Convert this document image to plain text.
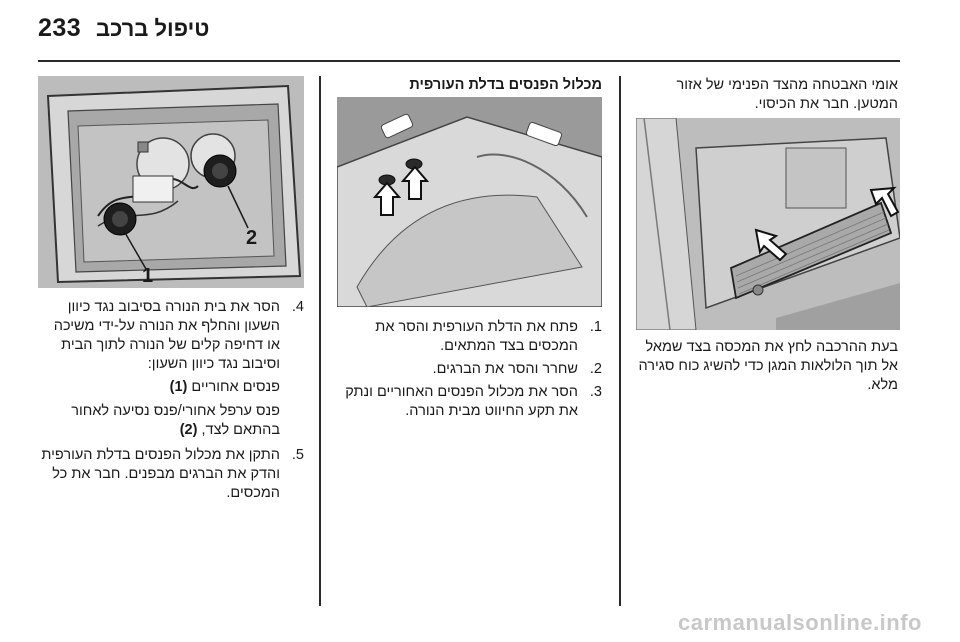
233 טיפול ברכב
אומי האבטחה מהצד הפנימי של אזור המטען. חבר את הכיסוי.
בעת ההרכבה לחץ את המכסה בצד שמאל אל תוך הלולאות המגן כדי להשיג כוח סגירה מלא.
מכלול הפנסים בדלת העורפית
1.
פתח את הדלת העורפית והסר את המכסים בצד המתאים.
2.
שחרר והסר את הברגים.
3.
הסר את מכלול הפנסים האחוריים ונתק את תקע החיווט מבית הנורה.
1
2
4.
הסר את בית הנורה בסיבוב נגד כיוון השעון והחלף את הנורה על-ידי משיכה או דחיפה קלים של הנורה לתוך הבית וסיבוב נגד כיוון השעון:
פנסים אחוריים (1)
פנס ערפל אחורי/פנס נסיעה לאחור בהתאם לצד, (2)
5.
התקן את מכלול הפנסים בדלת העורפית והדק את הברגים מבפנים. חבר את כל המכסים.
carmanualsonline.info
